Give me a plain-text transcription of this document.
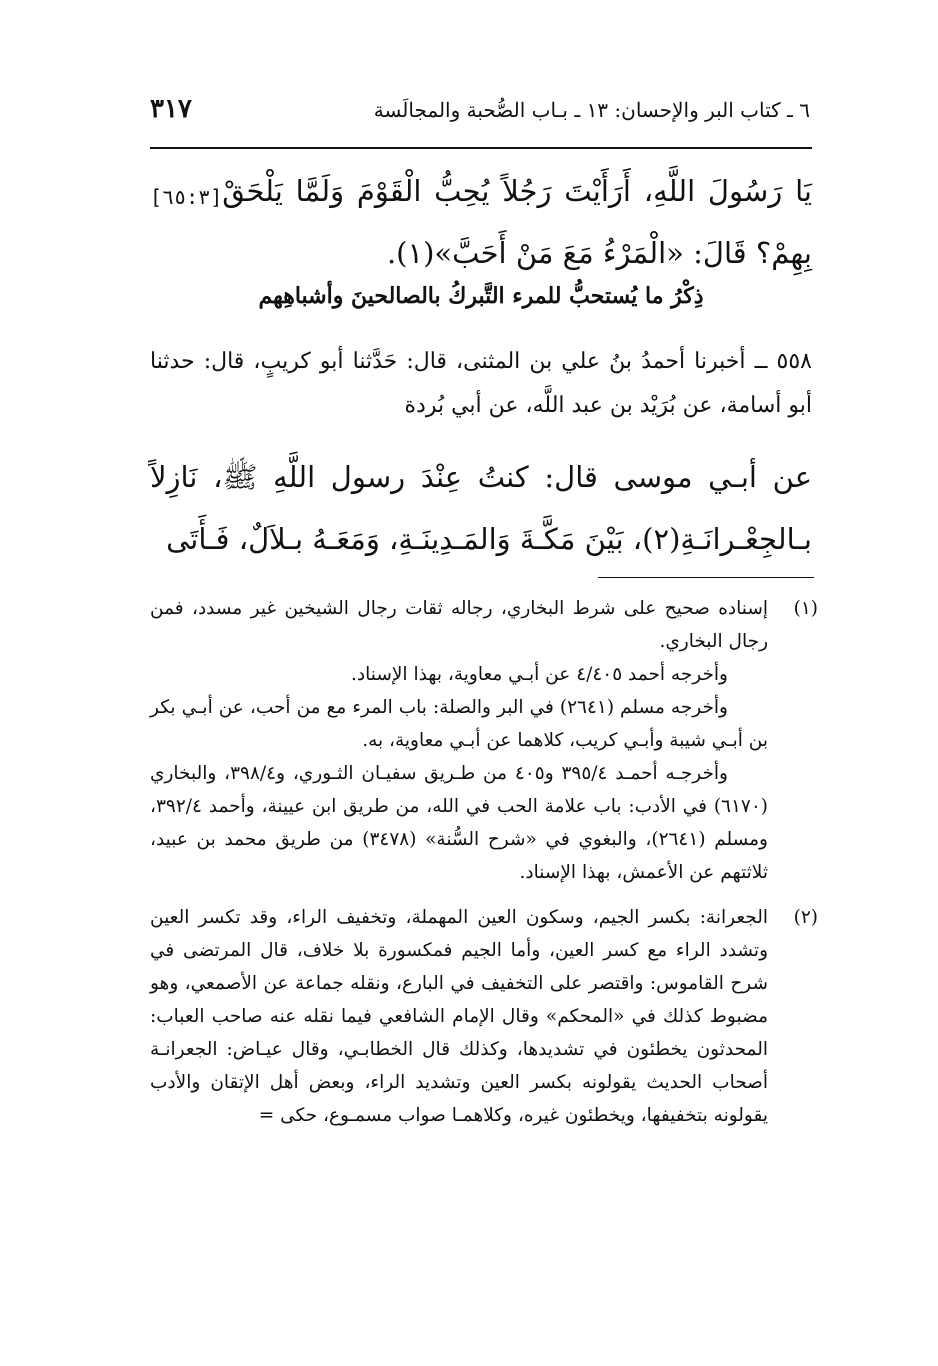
٦ ـ كتاب البر والإحسان: ١٣ ـ بـاب الصُّحبة والمجالَسة
٣١٧
[٦٥:٣] يَا رَسُولَ اللَّهِ، أَرَأَيْتَ رَجُلاً يُحِبُّ الْقَوْمَ وَلَمَّا يَلْحَقْ بِهِمْ؟ قَالَ: «الْمَرْءُ مَعَ مَنْ أَحَبَّ»(١).
ذِكْرُ ما يُستحبُّ للمرء التَّبركُ بالصالحينَ وأشباهِهم
٥٥٨ ــ أخبرنا أحمدُ بنُ علي بن المثنى، قال: حَدَّثنا أبو كريبٍ، قال: حدثنا أبو أسامة، عن بُرَيْد بن عبد اللَّه، عن أبي بُردة
عن أبـي موسى قال: كنتُ عِنْدَ رسول اللَّهِ ﷺ، نَازِلاً بـالجِعْـرانَـةِ(٢)، بَيْنَ مَكَّـةَ وَالمَـدِينَـةِ، وَمَعَـهُ بـلاَلٌ، فَـأَتَى
(١)

إسناده صحيح على شرط البخاري، رجاله ثقات رجال الشيخين غير مسدد، فمن رجال البخاري.

وأخرجه أحمد ٤/٤٠٥ عن أبـي معاوية، بهذا الإسناد.

وأخرجه مسلم (٢٦٤١) في البر والصلة: باب المرء مع من أحب، عن أبـي بكر بن أبـي شيبة وأبـي كريب، كلاهما عن أبـي معاوية، به.

وأخرجـه أحمـد ٣٩٥/٤ و٤٠٥ من طـريق سفيـان الثـوري، و٣٩٨/٤، والبخاري (٦١٧٠) في الأدب: باب علامة الحب في الله، من طريق ابن عيينة، وأحمد ٣٩٢/٤، ومسلم (٢٦٤١)، والبغوي في «شرح السُّنة» (٣٤٧٨) من طريق محمد بن عبيد، ثلاثتهم عن الأعمش، بهذا الإسناد.

(٢)

الجعرانة: بكسر الجيم، وسكون العين المهملة، وتخفيف الراء، وقد تكسر العين وتشدد الراء مع كسر العين، وأما الجيم فمكسورة بلا خلاف، قال المرتضى في شرح القاموس: واقتصر على التخفيف في البارع، ونقله جماعة عن الأصمعي، وهو مضبوط كذلك في «المحكم» وقال الإمام الشافعي فيما نقله عنه صاحب العباب: المحدثون يخطئون في تشديدها، وكذلك قال الخطابـي، وقال عيـاض: الجعرانـة أصحاب الحديث يقولونه بكسر العين وتشديد الراء، وبعض أهل الإتقان والأدب يقولونه بتخفيفها، ويخطئون غيره، وكلاهمـا صواب مسمـوع، حكى =
